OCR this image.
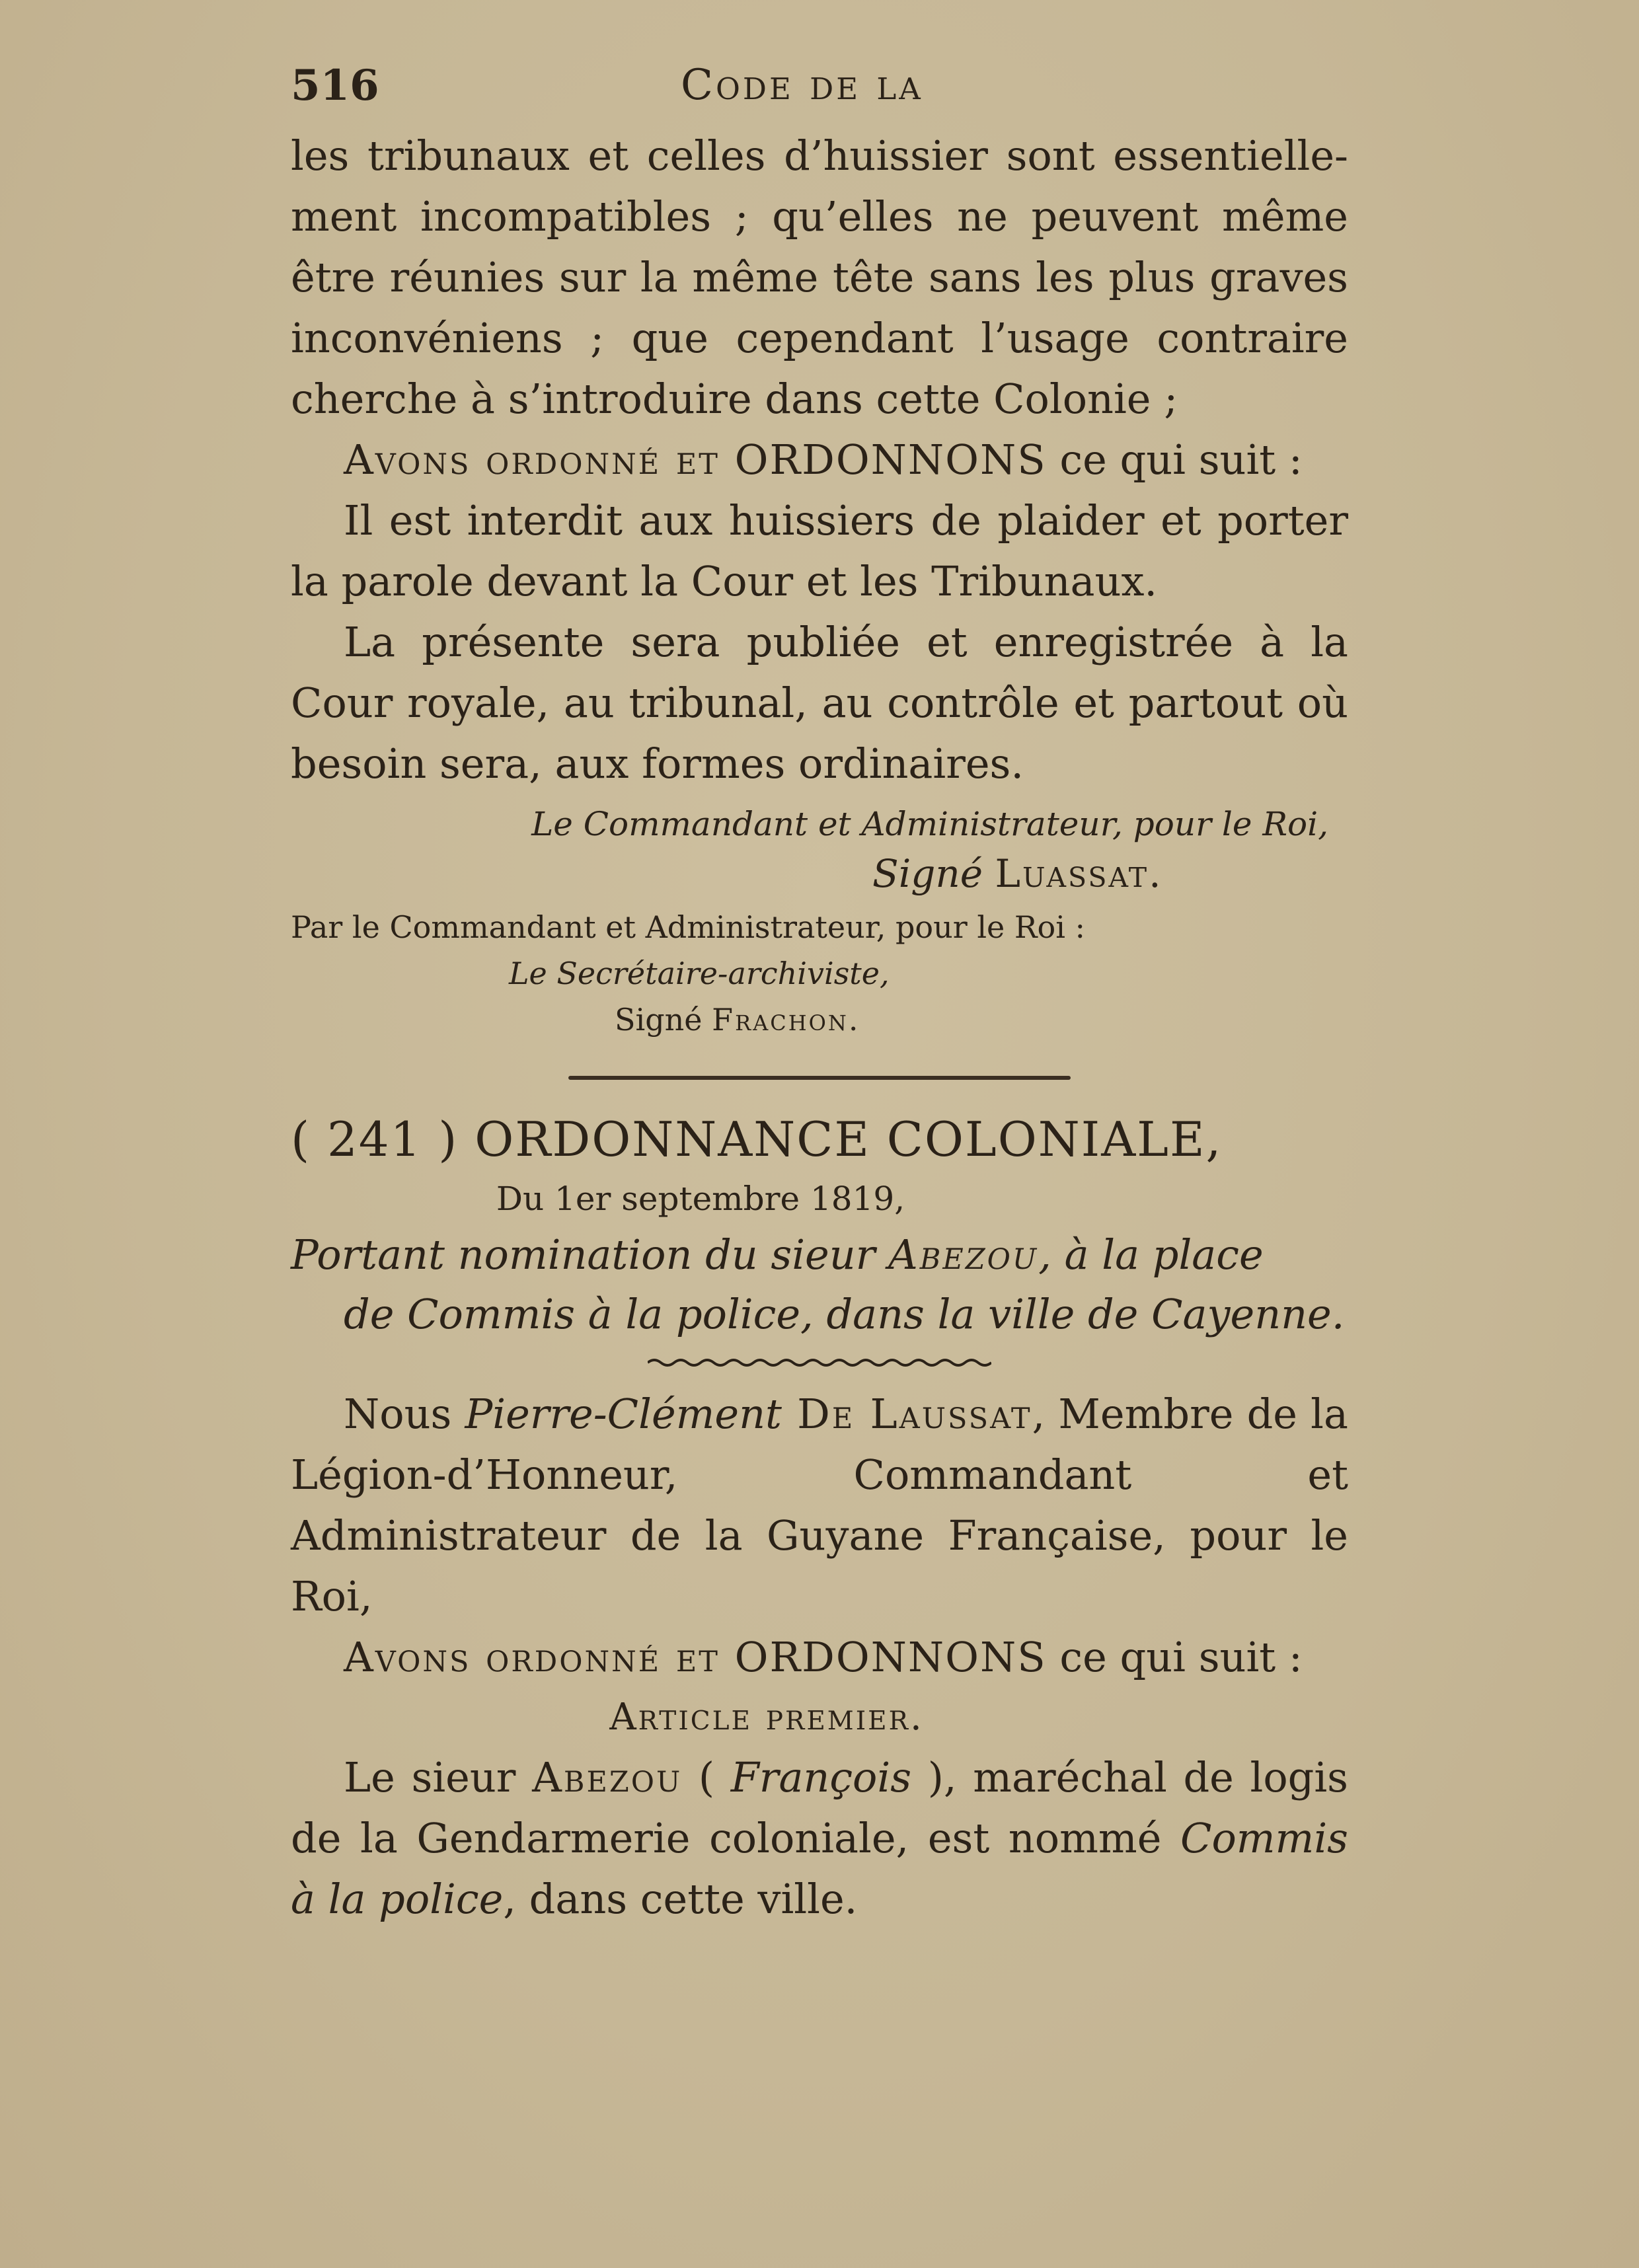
516	Code de la

les tribunaux et celles d’huissier sont essentielle-ment incompatibles ; qu’elles ne peuvent même être réunies sur la même tête sans les plus graves inconvéniens ; que cependant l’usage contraire cherche à s’introduire dans cette Colonie ;

Avons ordonné et ORDONNONS ce qui suit :

Il est interdit aux huissiers de plaider et porter la parole devant la Cour et les Tribunaux.

La présente sera publiée et enregistrée à la Cour royale, au tribunal, au contrôle et partout où besoin sera, aux formes ordinaires.

Le Commandant et Administrateur, pour le Roi,
Signé Luassat.
Par le Commandant et Administrateur, pour le Roi :
Le Secrétaire-archiviste,
Signé Frachon.
( 241 ) ORDONNANCE COLONIALE,
Du 1er septembre 1819,
Portant nomination du sieur Abezou, à la place
de Commis à la police, dans la ville de Cayenne.

Nous Pierre-Clément De Laussat, Membre de la Légion-d’Honneur, Commandant et Administrateur de la Guyane Française, pour le Roi,

Avons ordonné et ORDONNONS ce qui suit :

Article premier.

Le sieur Abezou ( François ), maréchal de logis de la Gendarmerie coloniale, est nommé Commis à la police, dans cette ville.
